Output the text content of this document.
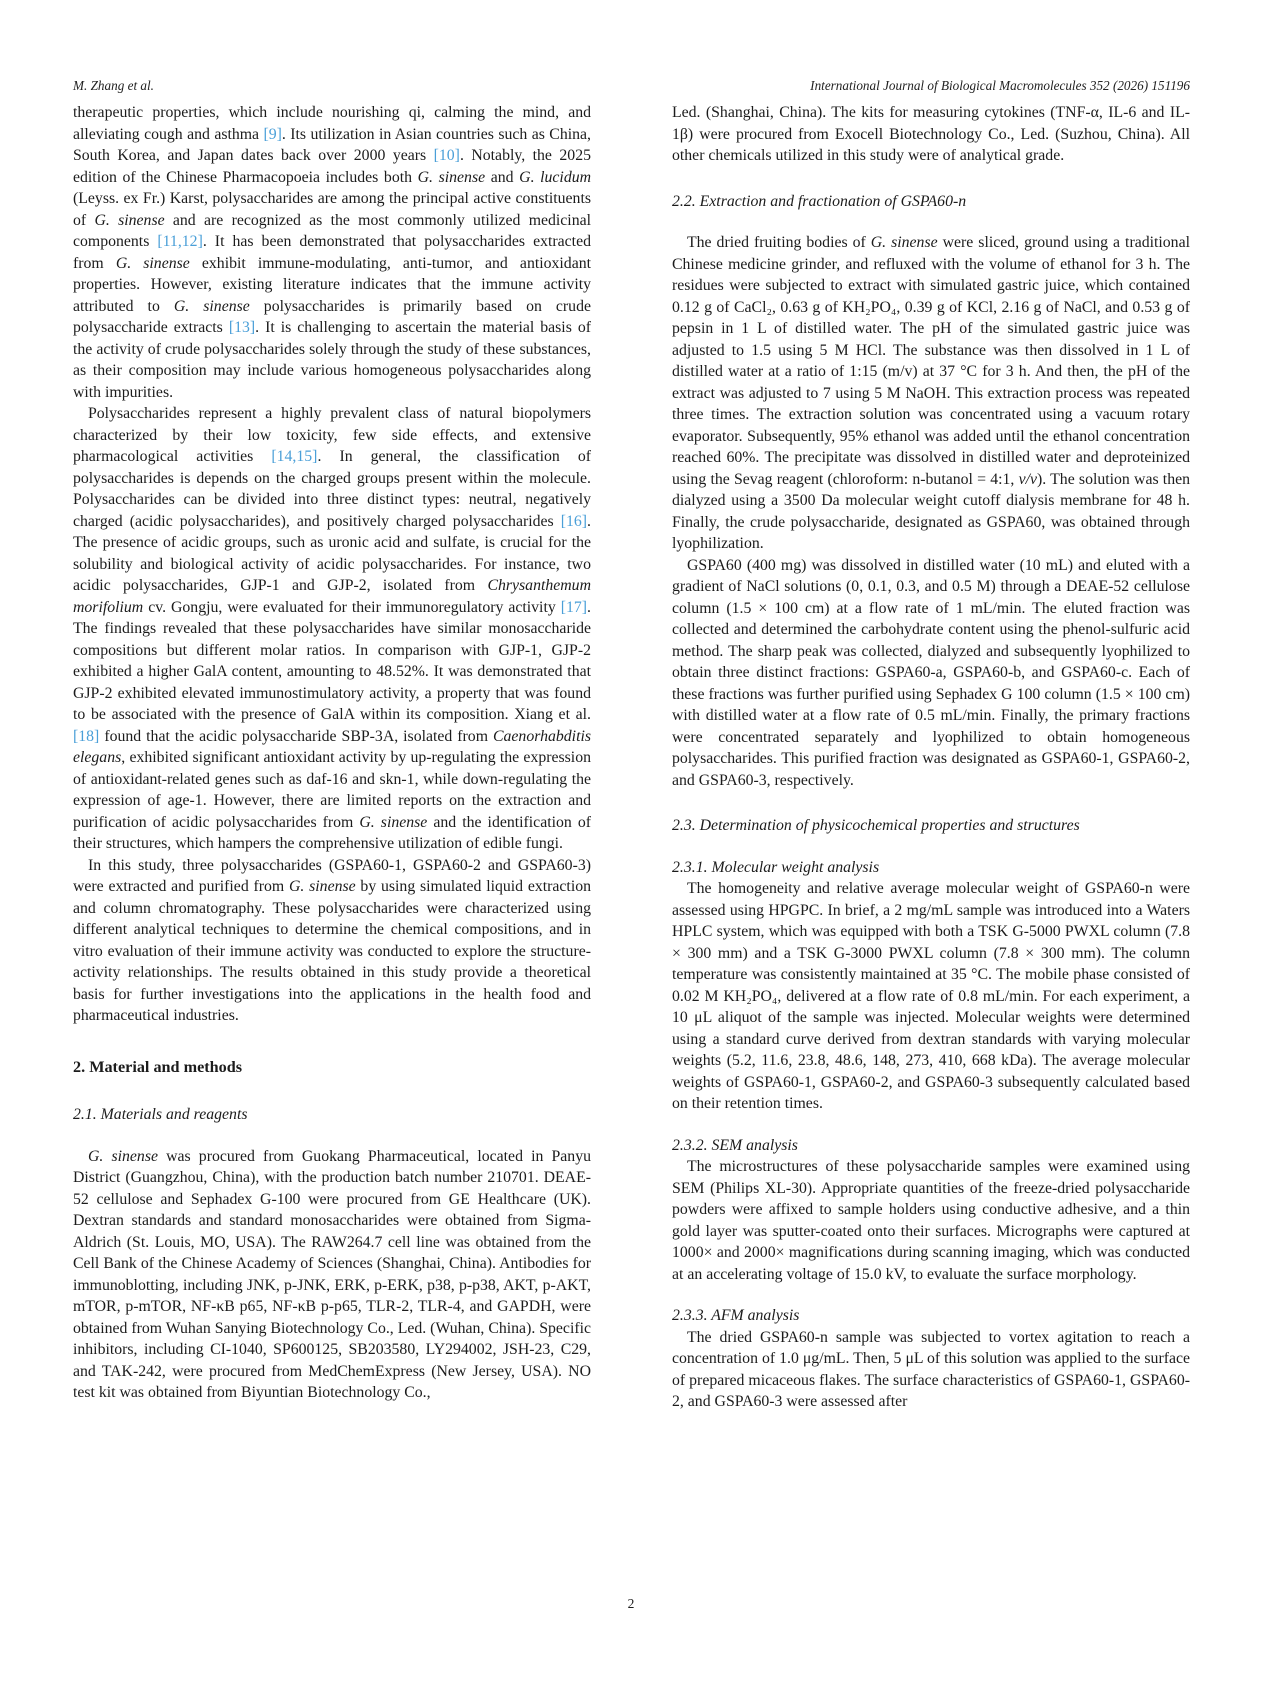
M. Zhang et al.	International Journal of Biological Macromolecules 352 (2026) 151196

therapeutic properties, which include nourishing qi, calming the mind, and alleviating cough and asthma [9]. Its utilization in Asian countries such as China, South Korea, and Japan dates back over 2000 years [10]. Notably, the 2025 edition of the Chinese Pharmacopoeia includes both G. sinense and G. lucidum (Leyss. ex Fr.) Karst, polysaccharides are among the principal active constituents of G. sinense and are recognized as the most commonly utilized medicinal components [11,12]. It has been demonstrated that polysaccharides extracted from G. sinense exhibit immune-modulating, anti-tumor, and antioxidant properties. However, existing literature indicates that the immune activity attributed to G. sinense polysaccharides is primarily based on crude polysaccharide extracts [13]. It is challenging to ascertain the material basis of the activity of crude polysaccharides solely through the study of these substances, as their composition may include various homogeneous polysaccharides along with impurities.

Polysaccharides represent a highly prevalent class of natural biopolymers characterized by their low toxicity, few side effects, and extensive pharmacological activities [14,15]. In general, the classification of polysaccharides is depends on the charged groups present within the molecule. Polysaccharides can be divided into three distinct types: neutral, negatively charged (acidic polysaccharides), and positively charged polysaccharides [16]. The presence of acidic groups, such as uronic acid and sulfate, is crucial for the solubility and biological activity of acidic polysaccharides. For instance, two acidic polysaccharides, GJP-1 and GJP-2, isolated from Chrysanthemum morifolium cv. Gongju, were evaluated for their immunoregulatory activity [17]. The findings revealed that these polysaccharides have similar monosaccharide compositions but different molar ratios. In comparison with GJP-1, GJP-2 exhibited a higher GalA content, amounting to 48.52%. It was demonstrated that GJP-2 exhibited elevated immunostimulatory activity, a property that was found to be associated with the presence of GalA within its composition. Xiang et al. [18] found that the acidic polysaccharide SBP-3A, isolated from Caenorhabditis elegans, exhibited significant antioxidant activity by up-regulating the expression of antioxidant-related genes such as daf-16 and skn-1, while down-regulating the expression of age-1. However, there are limited reports on the extraction and purification of acidic polysaccharides from G. sinense and the identification of their structures, which hampers the comprehensive utilization of edible fungi.

In this study, three polysaccharides (GSPA60-1, GSPA60-2 and GSPA60-3) were extracted and purified from G. sinense by using simulated liquid extraction and column chromatography. These polysaccharides were characterized using different analytical techniques to determine the chemical compositions, and in vitro evaluation of their immune activity was conducted to explore the structure-activity relationships. The results obtained in this study provide a theoretical basis for further investigations into the applications in the health food and pharmaceutical industries.

2. Material and methods

2.1. Materials and reagents

G. sinense was procured from Guokang Pharmaceutical, located in Panyu District (Guangzhou, China), with the production batch number 210701. DEAE-52 cellulose and Sephadex G-100 were procured from GE Healthcare (UK). Dextran standards and standard monosaccharides were obtained from Sigma-Aldrich (St. Louis, MO, USA). The RAW264.7 cell line was obtained from the Cell Bank of the Chinese Academy of Sciences (Shanghai, China). Antibodies for immunoblotting, including JNK, p-JNK, ERK, p-ERK, p38, p-p38, AKT, p-AKT, mTOR, p-mTOR, NF-κB p65, NF-κB p-p65, TLR-2, TLR-4, and GAPDH, were obtained from Wuhan Sanying Biotechnology Co., Led. (Wuhan, China). Specific inhibitors, including CI-1040, SP600125, SB203580, LY294002, JSH-23, C29, and TAK-242, were procured from MedChemExpress (New Jersey, USA). NO test kit was obtained from Biyuntian Biotechnology Co.,

Led. (Shanghai, China). The kits for measuring cytokines (TNF-α, IL-6 and IL-1β) were procured from Exocell Biotechnology Co., Led. (Suzhou, China). All other chemicals utilized in this study were of analytical grade.

2.2. Extraction and fractionation of GSPA60-n

The dried fruiting bodies of G. sinense were sliced, ground using a traditional Chinese medicine grinder, and refluxed with the volume of ethanol for 3 h. The residues were subjected to extract with simulated gastric juice, which contained 0.12 g of CaCl₂, 0.63 g of KH₂PO₄, 0.39 g of KCl, 2.16 g of NaCl, and 0.53 g of pepsin in 1 L of distilled water. The pH of the simulated gastric juice was adjusted to 1.5 using 5 M HCl. The substance was then dissolved in 1 L of distilled water at a ratio of 1:15 (m/v) at 37 °C for 3 h. And then, the pH of the extract was adjusted to 7 using 5 M NaOH. This extraction process was repeated three times. The extraction solution was concentrated using a vacuum rotary evaporator. Subsequently, 95% ethanol was added until the ethanol concentration reached 60%. The precipitate was dissolved in distilled water and deproteinized using the Sevag reagent (chloroform: n-butanol = 4:1, v/v). The solution was then dialyzed using a 3500 Da molecular weight cutoff dialysis membrane for 48 h. Finally, the crude polysaccharide, designated as GSPA60, was obtained through lyophilization.

GSPA60 (400 mg) was dissolved in distilled water (10 mL) and eluted with a gradient of NaCl solutions (0, 0.1, 0.3, and 0.5 M) through a DEAE-52 cellulose column (1.5 × 100 cm) at a flow rate of 1 mL/min. The eluted fraction was collected and determined the carbohydrate content using the phenol-sulfuric acid method. The sharp peak was collected, dialyzed and subsequently lyophilized to obtain three distinct fractions: GSPA60-a, GSPA60-b, and GSPA60-c. Each of these fractions was further purified using Sephadex G 100 column (1.5 × 100 cm) with distilled water at a flow rate of 0.5 mL/min. Finally, the primary fractions were concentrated separately and lyophilized to obtain homogeneous polysaccharides. This purified fraction was designated as GSPA60-1, GSPA60-2, and GSPA60-3, respectively.

2.3. Determination of physicochemical properties and structures

2.3.1. Molecular weight analysis

The homogeneity and relative average molecular weight of GSPA60-n were assessed using HPGPC. In brief, a 2 mg/mL sample was introduced into a Waters HPLC system, which was equipped with both a TSK G-5000 PWXL column (7.8 × 300 mm) and a TSK G-3000 PWXL column (7.8 × 300 mm). The column temperature was consistently maintained at 35 °C. The mobile phase consisted of 0.02 M KH₂PO₄, delivered at a flow rate of 0.8 mL/min. For each experiment, a 10 μL aliquot of the sample was injected. Molecular weights were determined using a standard curve derived from dextran standards with varying molecular weights (5.2, 11.6, 23.8, 48.6, 148, 273, 410, 668 kDa). The average molecular weights of GSPA60-1, GSPA60-2, and GSPA60-3 subsequently calculated based on their retention times.

2.3.2. SEM analysis

The microstructures of these polysaccharide samples were examined using SEM (Philips XL-30). Appropriate quantities of the freeze-dried polysaccharide powders were affixed to sample holders using conductive adhesive, and a thin gold layer was sputter-coated onto their surfaces. Micrographs were captured at 1000× and 2000× magnifications during scanning imaging, which was conducted at an accelerating voltage of 15.0 kV, to evaluate the surface morphology.

2.3.3. AFM analysis

The dried GSPA60-n sample was subjected to vortex agitation to reach a concentration of 1.0 μg/mL. Then, 5 μL of this solution was applied to the surface of prepared micaceous flakes. The surface characteristics of GSPA60-1, GSPA60-2, and GSPA60-3 were assessed after

2
